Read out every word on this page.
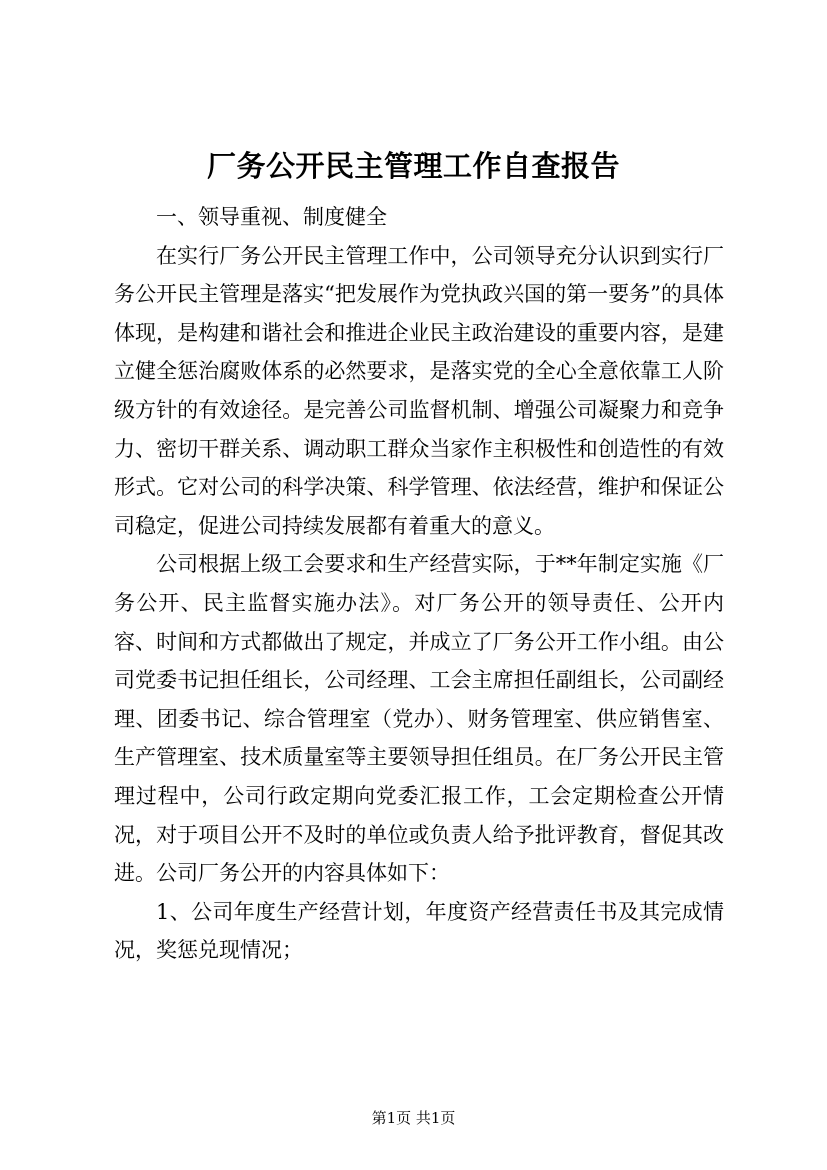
厂务公开民主管理工作自查报告

一、领导重视、制度健全

在实行厂务公开民主管理工作中，公司领导充分认识到实行厂务公开民主管理是落实“把发展作为党执政兴国的第一要务”的具体体现，是构建和谐社会和推进企业民主政治建设的重要内容，是建立健全惩治腐败体系的必然要求，是落实党的全心全意依靠工人阶级方针的有效途径。是完善公司监督机制、增强公司凝聚力和竞争力、密切干群关系、调动职工群众当家作主积极性和创造性的有效形式。它对公司的科学决策、科学管理、依法经营，维护和保证公司稳定，促进公司持续发展都有着重大的意义。

公司根据上级工会要求和生产经营实际，于**年制定实施《厂务公开、民主监督实施办法》。对厂务公开的领导责任、公开内容、时间和方式都做出了规定，并成立了厂务公开工作小组。由公司党委书记担任组长，公司经理、工会主席担任副组长，公司副经理、团委书记、综合管理室（党办）、财务管理室、供应销售室、生产管理室、技术质量室等主要领导担任组员。在厂务公开民主管理过程中，公司行政定期向党委汇报工作，工会定期检查公开情况，对于项目公开不及时的单位或负责人给予批评教育，督促其改进。公司厂务公开的内容具体如下：

1、公司年度生产经营计划，年度资产经营责任书及其完成情况，奖惩兑现情况；

第1页 共1页
